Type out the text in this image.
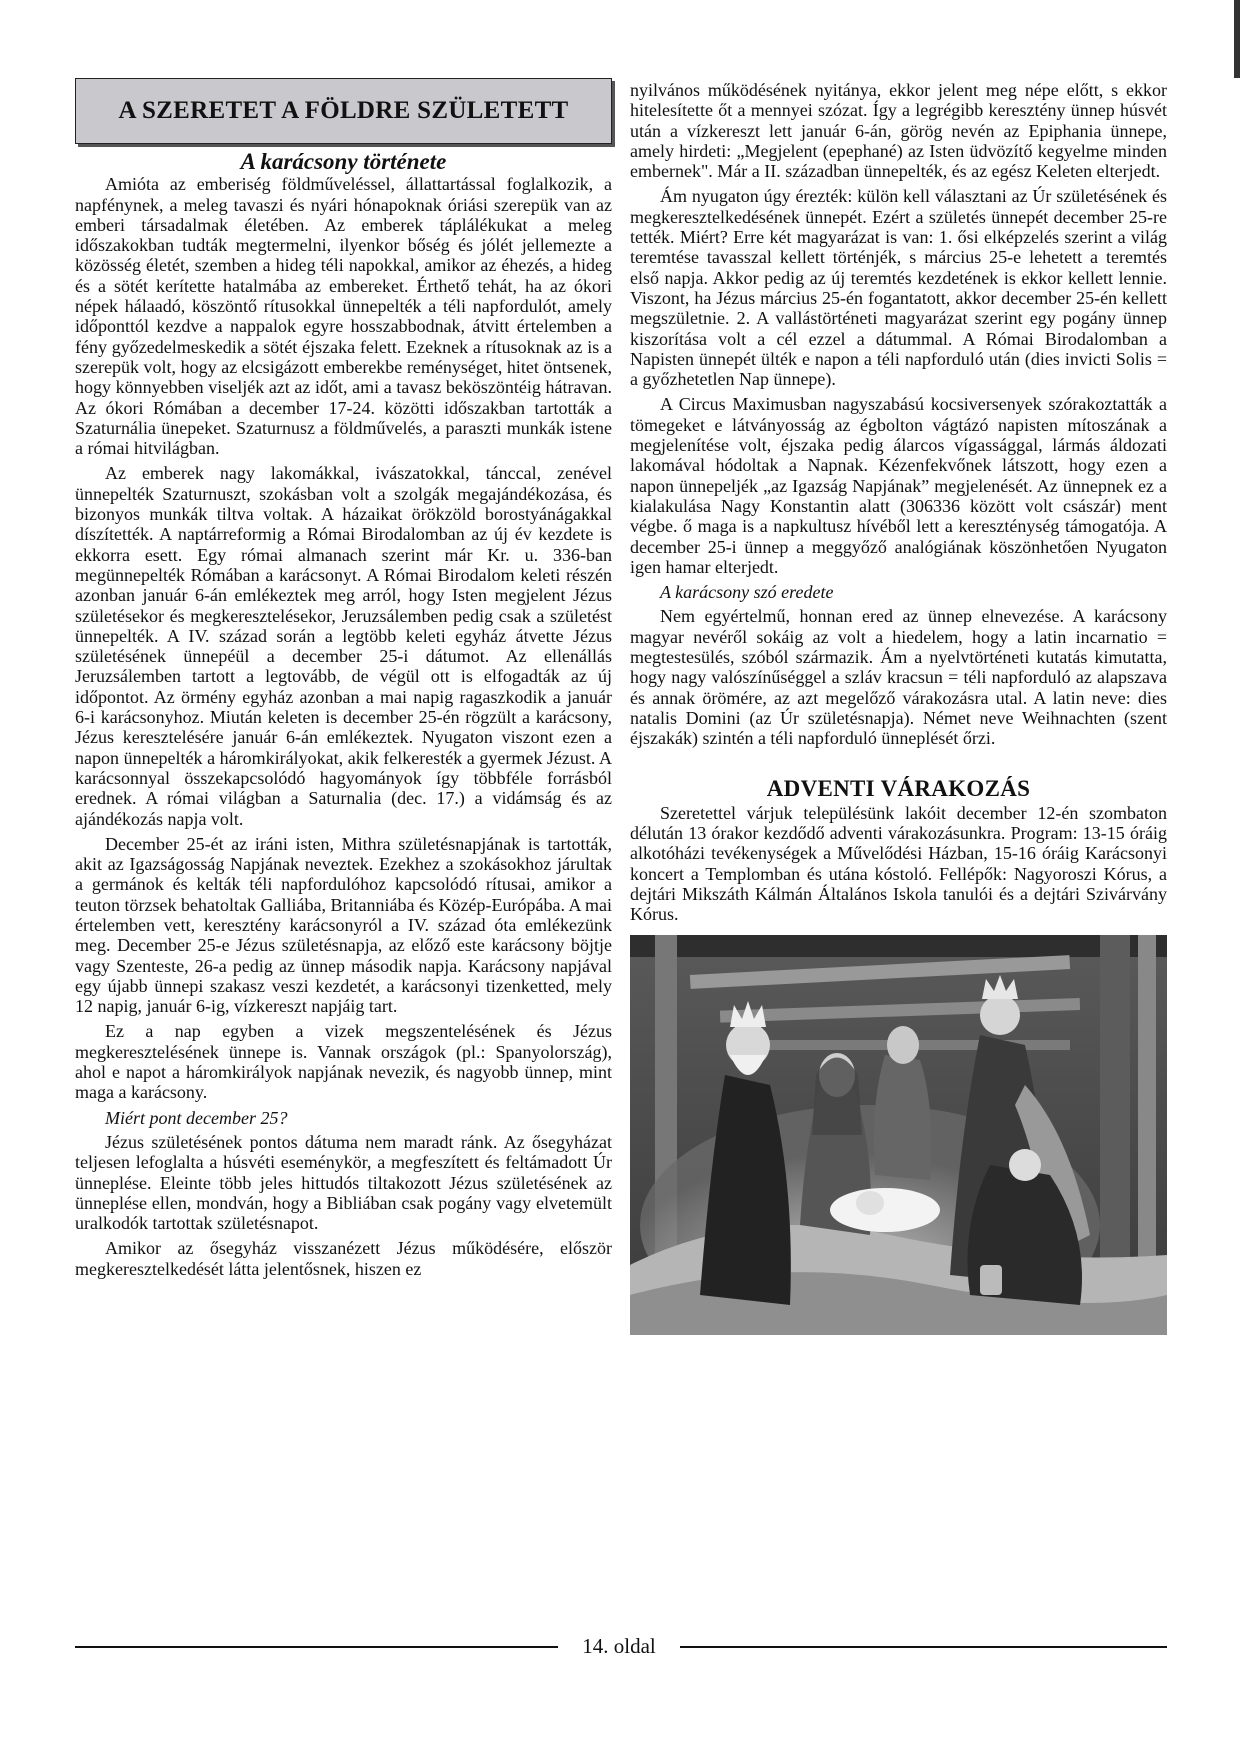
A SZERETET A FÖLDRE SZÜLETETT
A karácsony története

Amióta az emberiség földműveléssel, állattartással foglalkozik, a napfénynek, a meleg tavaszi és nyári hónapoknak óriási szerepük van az emberi társadalmak életében. Az emberek táplálékukat a meleg időszakokban tudták megtermelni, ilyenkor bőség és jólét jellemezte a közösség életét, szemben a hideg téli napokkal, amikor az éhezés, a hideg és a sötét kerítette hatalmába az embereket. Érthető tehát, ha az ókori népek hálaadó, köszöntő rítusokkal ünnepelték a téli napfordulót, amely időponttól kezdve a nappalok egyre hosszabbodnak, átvitt értelemben a fény győzedelmeskedik a sötét éjszaka felett. Ezeknek a rítusoknak az is a szerepük volt, hogy az elcsigázott emberekbe reménységet, hitet öntsenek, hogy könnyebben viseljék azt az időt, ami a tavasz beköszöntéig hátravan. Az ókori Rómában a december 17-24. közötti időszakban tartották a Szaturnália ünepeket. Szaturnusz a földművelés, a paraszti munkák istene a római hitvilágban.

Az emberek nagy lakomákkal, ivászatokkal, tánccal, zenével ünnepelték Szaturnuszt, szokásban volt a szolgák megajándékozása, és bizonyos munkák tiltva voltak. A házaikat örökzöld borostyánágakkal díszítették. A naptárreformig a Római Birodalomban az új év kezdete is ekkorra esett. Egy római almanach szerint már Kr. u. 336-ban megünnepelték Rómában a karácsonyt. A Római Birodalom keleti részén azonban január 6-án emlékeztek meg arról, hogy Isten megjelent Jézus születésekor és megkeresztelésekor, Jeruzsálemben pedig csak a születést ünnepelték. A IV. század során a legtöbb keleti egyház átvette Jézus születésének ünnepéül a december 25-i dátumot. Az ellenállás Jeruzsálemben tartott a legtovább, de végül ott is elfogadták az új időpontot. Az örmény egyház azonban a mai napig ragaszkodik a január 6-i karácsonyhoz. Miután keleten is december 25-én rögzült a karácsony, Jézus keresztelésére január 6-án emlékeztek. Nyugaton viszont ezen a napon ünnepelték a háromkirályokat, akik felkeresték a gyermek Jézust. A karácsonnyal összekapcsolódó hagyományok így többféle forrásból erednek. A római világban a Saturnalia (dec. 17.) a vidámság és az ajándékozás napja volt.

December 25-ét az iráni isten, Mithra születésnapjának is tartották, akit az Igazságosság Napjának neveztek. Ezekhez a szokásokhoz járultak a germánok és kelták téli napfordulóhoz kapcsolódó rítusai, amikor a teuton törzsek behatoltak Galliába, Britanniába és Közép-Európába. A mai értelemben vett, keresztény karácsonyról a IV. század óta emlékezünk meg. December 25-e Jézus születésnapja, az előző este karácsony böjtje vagy Szenteste, 26-a pedig az ünnep második napja. Karácsony napjával egy újabb ünnepi szakasz veszi kezdetét, a karácsonyi tizenketted, mely 12 napig, január 6-ig, vízkereszt napjáig tart.

Ez a nap egyben a vizek megszentelésének és Jézus megkeresztelésének ünnepe is. Vannak országok (pl.: Spanyolország), ahol e napot a háromkirályok napjának nevezik, és nagyobb ünnep, mint maga a karácsony.

Miért pont december 25?

Jézus születésének pontos dátuma nem maradt ránk. Az ősegyházat teljesen lefoglalta a húsvéti eseménykör, a megfeszített és feltámadott Úr ünneplése. Eleinte több jeles hittudós tiltakozott Jézus születésének az ünneplése ellen, mondván, hogy a Bibliában csak pogány vagy elvetemült uralkodók tartottak születésnapot.

Amikor az ősegyház visszanézett Jézus működésére, először megkeresztelkedését látta jelentősnek, hiszen ez

nyilvános működésének nyitánya, ekkor jelent meg népe előtt, s ekkor hitelesítette őt a mennyei szózat. Így a legrégibb keresztény ünnep húsvét után a vízkereszt lett január 6-án, görög nevén az Epiphania ünnepe, amely hirdeti: „Megjelent (epephané) az Isten üdvözítő kegyelme minden embernek". Már a II. században ünnepelték, és az egész Keleten elterjedt.

Ám nyugaton úgy érezték: külön kell választani az Úr születésének és megkeresztelkedésének ünnepét. Ezért a születés ünnepét december 25-re tették. Miért? Erre két magyarázat is van: 1. ősi elképzelés szerint a világ teremtése tavasszal kellett történjék, s március 25-e lehetett a teremtés első napja. Akkor pedig az új teremtés kezdetének is ekkor kellett lennie. Viszont, ha Jézus március 25-én fogantatott, akkor december 25-én kellett megszületnie. 2. A vallástörténeti magyarázat szerint egy pogány ünnep kiszorítása volt a cél ezzel a dátummal. A Római Birodalomban a Napisten ünnepét ülték e napon a téli napforduló után (dies invicti Solis = a győzhetetlen Nap ünnepe).

A Circus Maximusban nagyszabású kocsiversenyek szórakoztatták a tömegeket e látványosság az égbolton vágtázó napisten mítoszának a megjelenítése volt, éjszaka pedig álarcos vígassággal, lármás áldozati lakomával hódoltak a Napnak. Kézenfekvőnek látszott, hogy ezen a napon ünnepeljék „az Igazság Napjának” megjelenését. Az ünnepnek ez a kialakulása Nagy Konstantin alatt (306336 között volt császár) ment végbe. ő maga is a napkultusz hívéből lett a kereszténység támogatója. A december 25-i ünnep a meggyőző analógiának köszönhetően Nyugaton igen hamar elterjedt.

A karácsony szó eredete

Nem egyértelmű, honnan ered az ünnep elnevezése. A karácsony magyar nevéről sokáig az volt a hiedelem, hogy a latin incarnatio = megtestesülés, szóból származik. Ám a nyelvtörténeti kutatás kimutatta, hogy nagy valószínűséggel a szláv kracsun = téli napforduló az alapszava és annak örömére, az azt megelőző várakozásra utal. A latin neve: dies natalis Domini (az Úr születésnapja). Német neve Weihnachten (szent éjszakák) szintén a téli napforduló ünneplését őrzi.

ADVENTI VÁRAKOZÁS

Szeretettel várjuk településünk lakóit december 12-én szombaton délután 13 órakor kezdődő adventi várakozásunkra. Program: 13-15 óráig alkotóházi tevékenységek a Művelődési Házban, 15-16 óráig Karácsonyi koncert a Templomban és utána kóstoló. Fellépők: Nagyoroszi Kórus, a dejtári Mikszáth Kálmán Általános Iskola tanulói és a dejtári Szivárvány Kórus.

14. oldal
